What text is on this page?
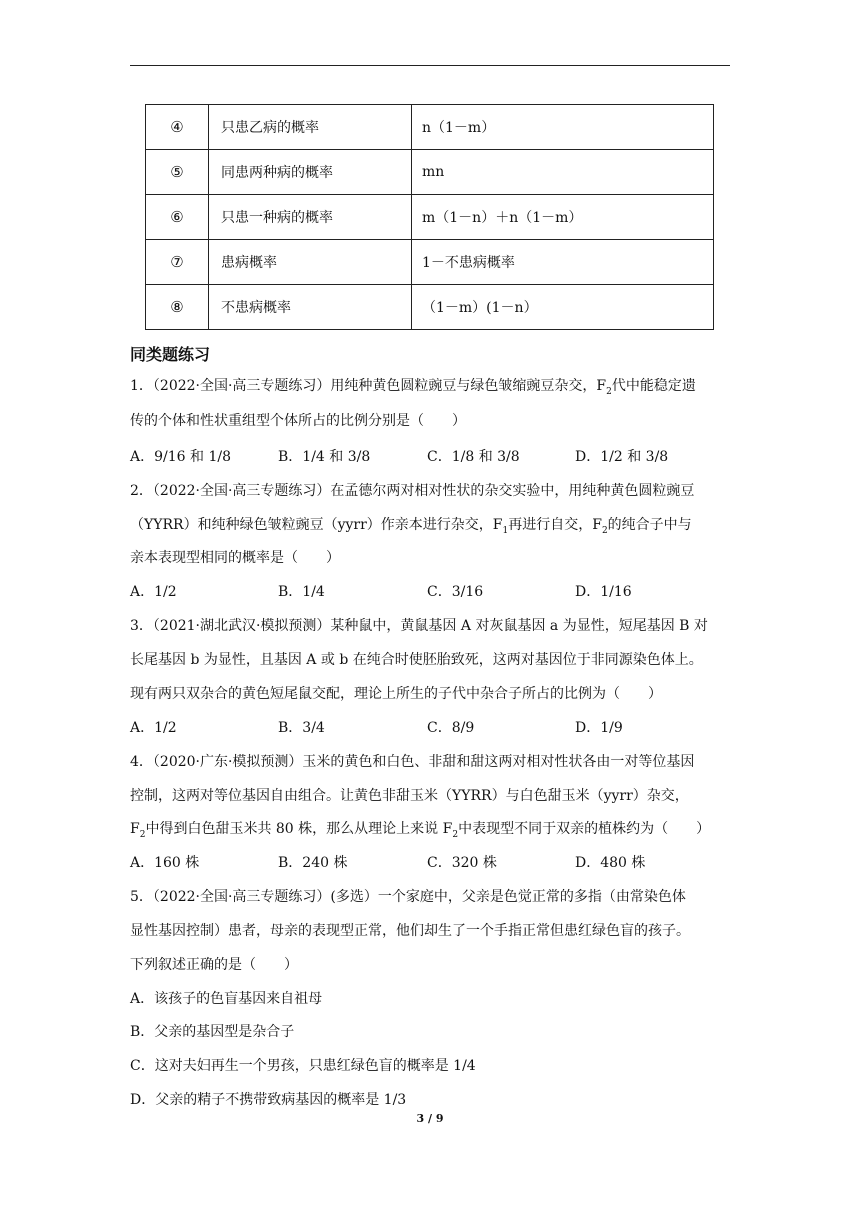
④	只患乙病的概率	n（1－m）
⑤	同患两种病的概率	mn
⑥	只患一种病的概率	m（1－n）＋n（1－m）
⑦	患病概率	1－不患病概率
⑧	不患病概率	（1－m）(1－n）
同类题练习
1．（2022·全国·高三专题练习）用纯种黄色圆粒豌豆与绿色皱缩豌豆杂交，$F_2$代中能稳定遗
传的个体和性状重组型个体所占的比例分别是（　　）
A．9/16 和 1/8	B．1/4 和 3/8	C．1/8 和 3/8	D．1/2 和 3/8
2．（2022·全国·高三专题练习）在孟德尔两对相对性状的杂交实验中，用纯种黄色圆粒豌豆
（YYRR）和纯种绿色皱粒豌豆（yyrr）作亲本进行杂交，$F_1$再进行自交，$F_2$的纯合子中与
亲本表现型相同的概率是（　　）
A．1/2	B．1/4	C．3/16	D．1/16
3．（2021·湖北武汉·模拟预测）某种鼠中，黄鼠基因 A 对灰鼠基因 a 为显性，短尾基因 B 对
长尾基因 b 为显性，且基因 A 或 b 在纯合时使胚胎致死，这两对基因位于非同源染色体上。
现有两只双杂合的黄色短尾鼠交配，理论上所生的子代中杂合子所占的比例为（　　）
A．1/2	B．3/4	C．8/9	D．1/9
4．（2020·广东·模拟预测）玉米的黄色和白色、非甜和甜这两对相对性状各由一对等位基因
控制，这两对等位基因自由组合。让黄色非甜玉米（YYRR）与白色甜玉米（yyrr）杂交，
$F_2$中得到白色甜玉米共 80 株，那么从理论上来说 $F_2$中表现型不同于双亲的植株约为（　　）
A．160 株	B．240 株	C．320 株	D．480 株
5．（2022·全国·高三专题练习）(多选）一个家庭中，父亲是色觉正常的多指（由常染色体
显性基因控制）患者，母亲的表现型正常，他们却生了一个手指正常但患红绿色盲的孩子。
下列叙述正确的是（　　）
A．该孩子的色盲基因来自祖母
B．父亲的基因型是杂合子
C．这对夫妇再生一个男孩，只患红绿色盲的概率是 1/4
D．父亲的精子不携带致病基因的概率是 1/3
3 / 9
